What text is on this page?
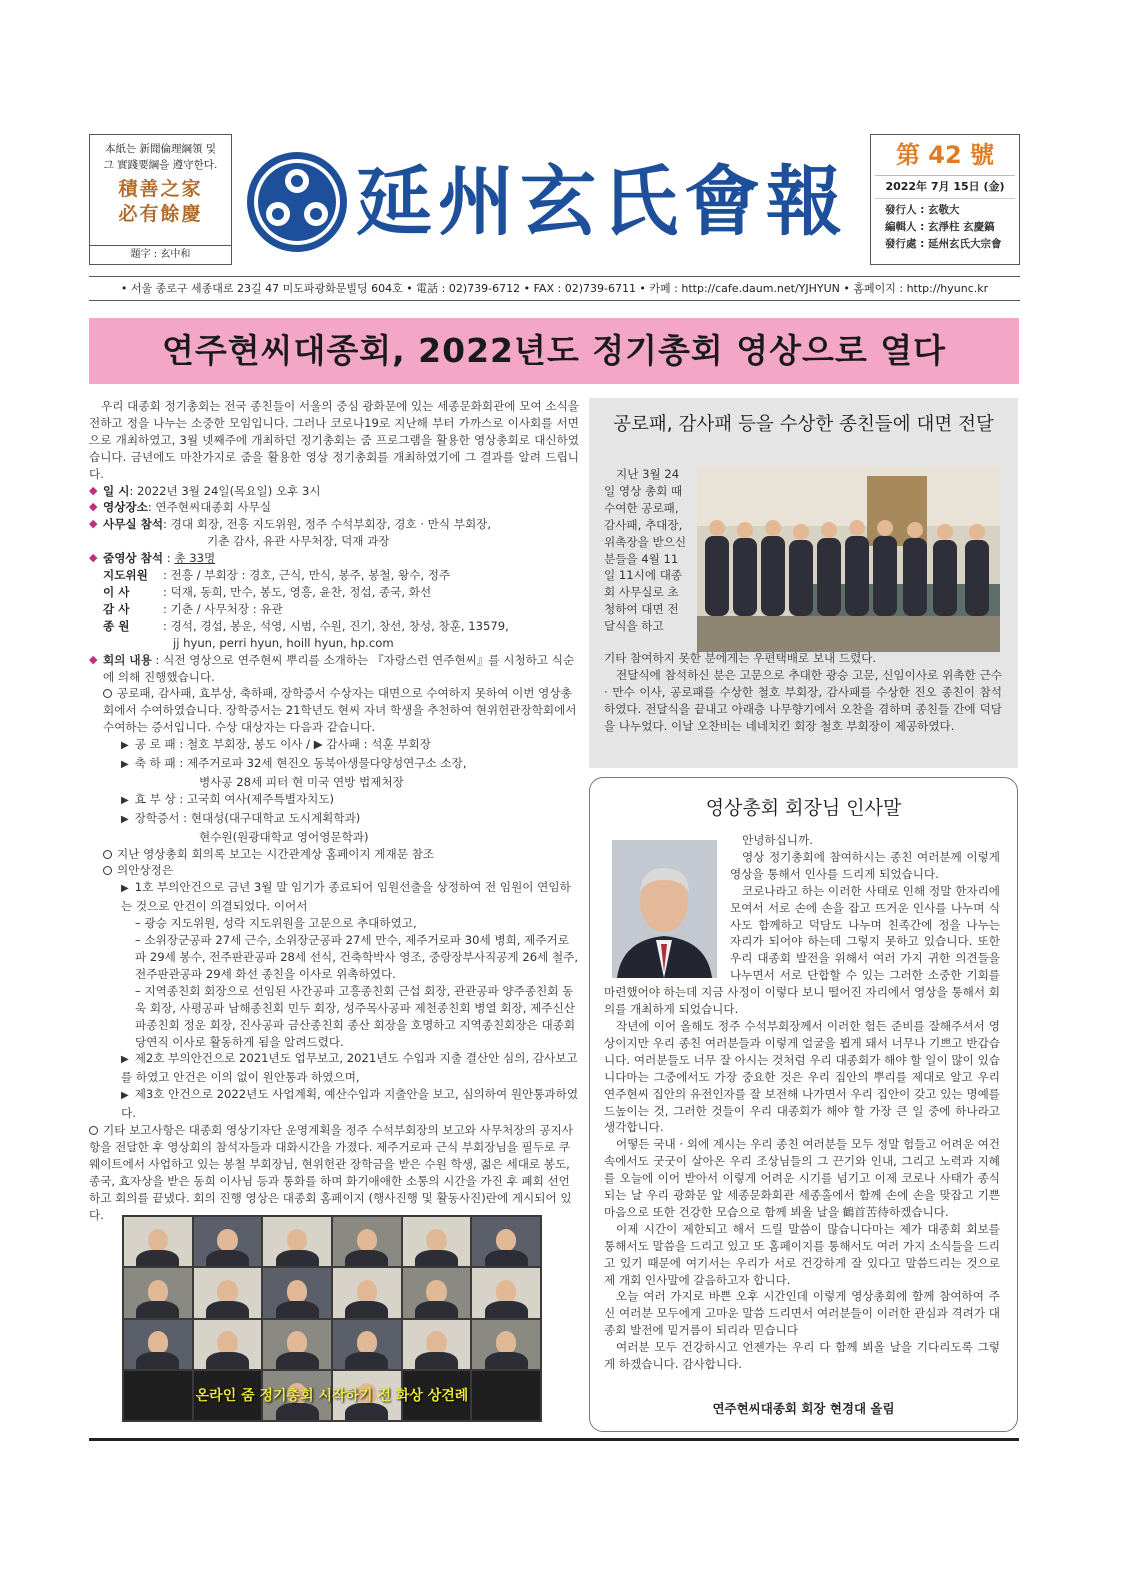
本紙는 新聞倫理綱領 및
그 實踐要綱을 遵守한다.
積善之家
必有餘慶
題字 : 玄中和
延州玄氏會報
第 42 號
2022年 7月 15日 (金)
發行人 : 玄敬大
編輯人 : 玄淨柱 玄慶鎬
發行處 : 延州玄氏大宗會
• 서울 종로구 세종대로 23길 47 미도파광화문빌딩 604호 • 電話 : 02)739-6712 • FAX : 02)739-6711 • 카페 : http://cafe.daum.net/YJHYUN • 홈페이지 : http://hyunc.kr
연주현씨대종회, 2022년도 정기총회 영상으로 열다

우리 대종회 정기총회는 전국 종친들이 서울의 중심 광화문에 있는 세종문화회관에 모여 소식을 전하고 정을 나누는 소중한 모임입니다. 그러나 코로나19로 지난해 부터 가까스로 이사회를 서면으로 개최하였고, 3월 넷째주에 개최하던 정기총회는 줌 프로그램을 활용한 영상총회로 대신하였습니다. 금년에도 마찬가지로 줌을 활용한 영상 정기총회를 개최하였기에 그 결과를 알려 드립니다.

◆ 일 시 : 2022년 3월 24일(목요일) 오후 3시
◆ 영상장소 : 연주현씨대종회 사무실
◆ 사무실 참석 : 경대 회장, 전흥 지도위원, 정주 수석부회장, 경호 · 만식 부회장,
기춘 감사, 유관 사무처장, 덕재 과장
◆ 줌영상 참석 : 총 33명
지도위원	: 전흥 / 부회장 : 경호, 근식, 만식, 봉주, 봉철, 왕수, 정주
이 사	: 덕재, 동희, 만수, 봉도, 영흥, 윤찬, 정섭, 종국, 화선
감 사	: 기춘 / 사무처장 : 유관
종 원	: 경석, 경섭, 봉운, 석영, 시범, 수원, 진기, 창선, 창성, 창훈, 13579,
jj hyun, perri hyun, hoill hyun, hp.com
◆ 회의 내용 : 식전 영상으로 연주현씨 뿌리를 소개하는 『자랑스런 연주현씨』를 시청하고 식순에 의해 진행했습니다.
공로패, 감사패, 효부상, 축하패, 장학증서 수상자는 대면으로 수여하지 못하여 이번 영상총회에서 수여하였습니다. 장학증서는 21학년도 현씨 자녀 학생을 추천하여 현위헌관장학회에서 수여하는 증서입니다. 수상 대상자는 다음과 같습니다.
▶ 공 로 패 : 철호 부회장, 봉도 이사 / ▶ 감사패 : 석훈 부회장
▶ 축 하 패 : 제주거로파 32세 현진오 동북아생물다양성연구소 소장,
병사공 28세 피터 현 미국 연방 법제처장
▶ 효 부 상 : 고국희 여사(제주특별자치도)
▶ 장학증서 : 현대성(대구대학교 도시계획학과)
현수원(원광대학교 영어영문학과)
지난 영상총회 회의록 보고는 시간관계상 홈페이지 게재문 참조
의안상정은
▶ 1호 부의안건으로 금년 3월 말 임기가 종료되어 임원선출을 상정하여 전 임원이 연임하는 것으로 안건이 의결되었다. 이어서
– 광승 지도위원, 성락 지도위원을 고문으로 추대하였고,
– 소위장군공파 27세 근수, 소위장군공파 27세 만수, 제주거로파 30세 병희, 제주거로파 29세 봉수, 전주판관공파 28세 선식, 건축학박사 영조, 중랑장부사직공게 26세 철주, 전주판관공파 29세 화선 종친을 이사로 위촉하였다.
– 지역종친회 회장으로 선임된 사간공파 고흥종친회 근섭 회장, 관관공파 양주종친회 동욱 회장, 사평공파 남해종친회 민두 회장, 성주목사공파 제천종친회 병열 회장, 제주신산파종친회 정운 회장, 진사공파 금산종친회 종산 회장을 호명하고 지역종친회장은 대종회 당연직 이사로 활동하게 됨을 알려드렸다.
▶ 제2호 부의안건으로 2021년도 업무보고, 2021년도 수입과 지출 결산안 심의, 감사보고를 하였고 안건은 이의 없이 원안통과 하였으며,
▶ 제3호 안건으로 2022년도 사업계획, 예산수입과 지출안을 보고, 심의하여 원안통과하였다.
기타 보고사항은 대종회 영상기자단 운영계획을 정주 수석부회장의 보고와 사무처장의 공지사항을 전달한 후 영상회의 참석자들과 대화시간을 가졌다. 제주거로파 근식 부회장님을 필두로 쿠웨이트에서 사업하고 있는 봉철 부회장님, 현위헌관 장학금을 받은 수원 학생, 젊은 세대로 봉도, 종국, 효자상을 받은 동희 이사님 등과 통화를 하며 화기애애한 소통의 시간을 가진 후 폐회 선언하고 회의를 끝냈다. 회의 진행 영상은 대종회 홈페이지 (행사진행 및 활동사진)란에 게시되어 있다.
온라인 줌 정기총회 시작하기 전 화상 상견례
공로패, 감사패 등을 수상한 종친들에 대면 전달
지난 3월 24일 영상 총회 때 수여한 공로패, 감사패, 추대장, 위촉장을 받으신 분들을 4월 11일 11시에 대종회 사무실로 초청하여 대면 전달식을 하고
기타 참여하지 못한 분에게는 우편택배로 보내 드렸다.

전달식에 참석하신 분은 고문으로 추대한 광승 고문, 신임이사로 위촉한 근수 · 만수 이사, 공로패를 수상한 철호 부회장, 감사패를 수상한 진오 종친이 참석하였다. 전달식을 끝내고 아래층 나무향기에서 오찬을 겸하며 종친들 간에 덕담을 나누었다. 이날 오찬비는 네네치킨 회장 철호 부회장이 제공하였다.

영상총회 회장님 인사말

안녕하십니까.

영상 정기총회에 참여하시는 종친 여러분께 이렇게 영상을 통해서 인사를 드리게 되었습니다.

코로나라고 하는 이러한 사태로 인해 정말 한자리에 모여서 서로 손에 손을 잡고 뜨거운 인사를 나누며 식사도 함께하고 덕담도 나누며 친족간에 정을 나누는 자리가 되어야 하는데 그렇지 못하고 있습니다. 또한 우리 대종회 발전을 위해서 여러 가지 귀한 의견들을 나누면서 서로 단합할 수 있는 그러한 소중한 기회를 마련했어야 하는데 지금 사정이 이렇다 보니 떨어진 자리에서 영상을 통해서 회의를 개최하게 되었습니다.

작년에 이어 올해도 정주 수석부회장께서 이러한 험든 준비를 잘해주셔서 영상이지만 우리 종친 여러분들과 이렇게 얼굴을 뵙게 돼서 너무나 기쁘고 반갑습니다. 여러분들도 너무 잘 아시는 것처럼 우리 대종회가 해야 할 일이 많이 있습니다마는 그중에서도 가장 중요한 것은 우리 집안의 뿌리를 제대로 알고 우리 연주현씨 집안의 유전인자를 잘 보전해 나가면서 우리 집안이 갖고 있는 명예를 드높이는 것, 그러한 것들이 우리 대종회가 해야 할 가장 큰 일 중에 하나라고 생각합니다.

어떻든 국내 · 외에 계시는 우리 종친 여러분들 모두 정말 험들고 어려운 여건 속에서도 굿굿이 살아온 우리 조상님들의 그 끈기와 인내, 그리고 노력과 지혜를 오늘에 이어 받아서 이렇게 어려운 시기를 넘기고 이제 코로나 사태가 종식되는 날 우리 광화문 앞 세종문화회관 세종홀에서 함께 손에 손을 맞잡고 기쁜 마음으로 또한 건강한 모습으로 함께 뵈올 날을 鶴首苦待하겠습니다.

이제 시간이 제한되고 해서 드릴 말씀이 많습니다마는 제가 대종회 회보를 통해서도 말씀을 드리고 있고 또 홈페이지를 통해서도 여러 가지 소식들을 드리고 있기 때문에 여기서는 우리가 서로 건강하게 잘 있다고 말씀드리는 것으로 제 개회 인사말에 갈음하고자 합니다.

오늘 여러 가지로 바쁜 오후 시간인데 이렇게 영상총회에 함께 참여하여 주신 여러분 모두에게 고마운 말씀 드리면서 여러분들이 이러한 관심과 격려가 대종회 발전에 밑거름이 되리라 믿습니다

여러분 모두 건강하시고 언젠가는 우리 다 함께 뵈올 날을 기다리도록 그렇게 하겠습니다. 감사합니다.

연주현씨대종회 회장 현경대 올림
